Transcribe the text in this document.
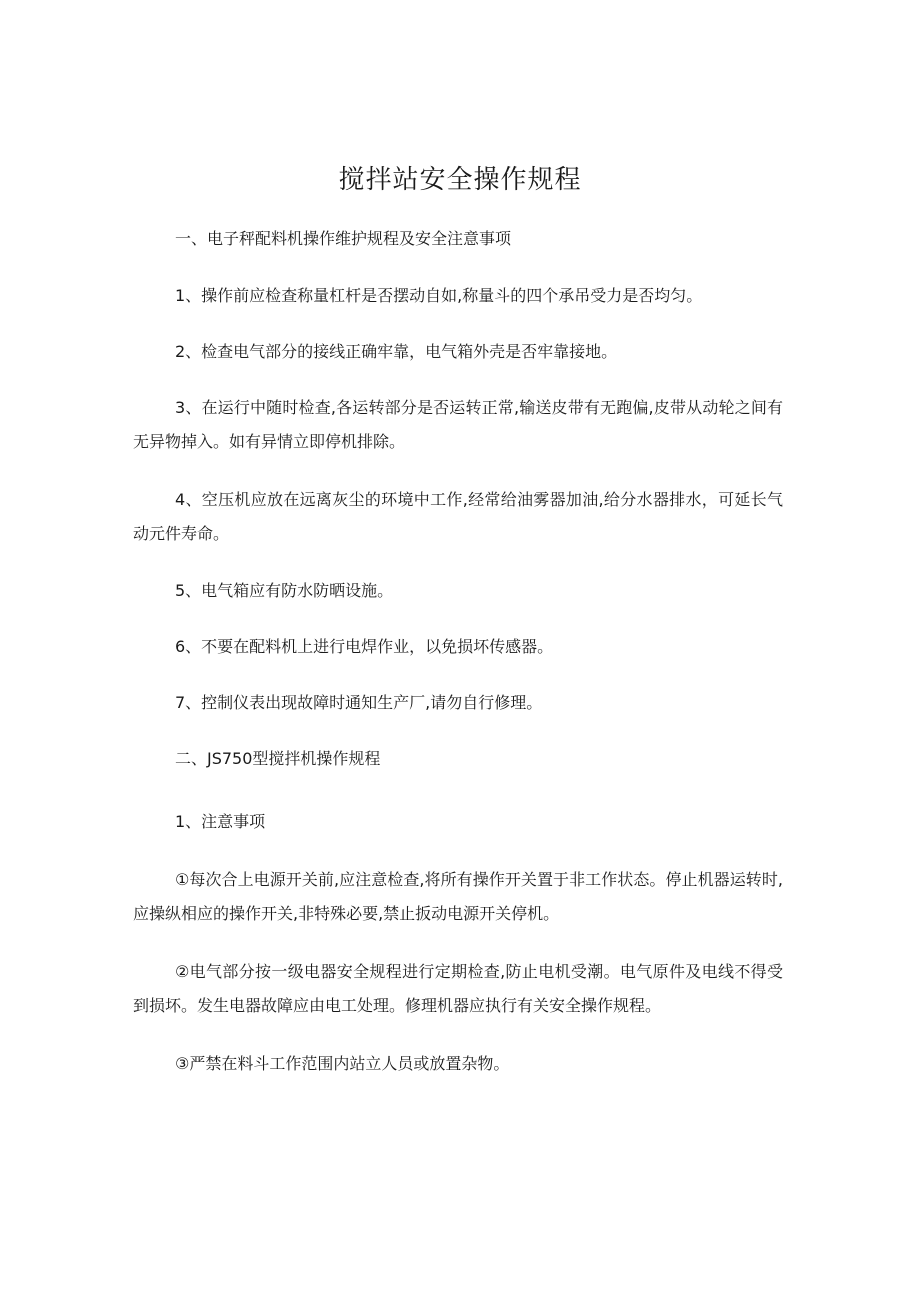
搅拌站安全操作规程

一、电子秤配料机操作维护规程及安全注意事项

1、操作前应检查称量杠杆是否摆动自如,称量斗的四个承吊受力是否均匀。

2、检查电气部分的接线正确牢靠，电气箱外壳是否牢靠接地。

3、在运行中随时检查,各运转部分是否运转正常,输送皮带有无跑偏,皮带从动轮之间有无异物掉入。如有异情立即停机排除。

4、空压机应放在远离灰尘的环境中工作,经常给油雾器加油,给分水器排水，可延长气动元件寿命。

5、电气箱应有防水防晒设施。

6、不要在配料机上进行电焊作业，以免损坏传感器。

7、控制仪表出现故障时通知生产厂,请勿自行修理。

二、JS750型搅拌机操作规程

1、注意事项

①每次合上电源开关前,应注意检查,将所有操作开关置于非工作状态。停止机器运转时,应操纵相应的操作开关,非特殊必要,禁止扳动电源开关停机。

②电气部分按一级电器安全规程进行定期检查,防止电机受潮。电气原件及电线不得受到损坏。发生电器故障应由电工处理。修理机器应执行有关安全操作规程。

③严禁在料斗工作范围内站立人员或放置杂物。
